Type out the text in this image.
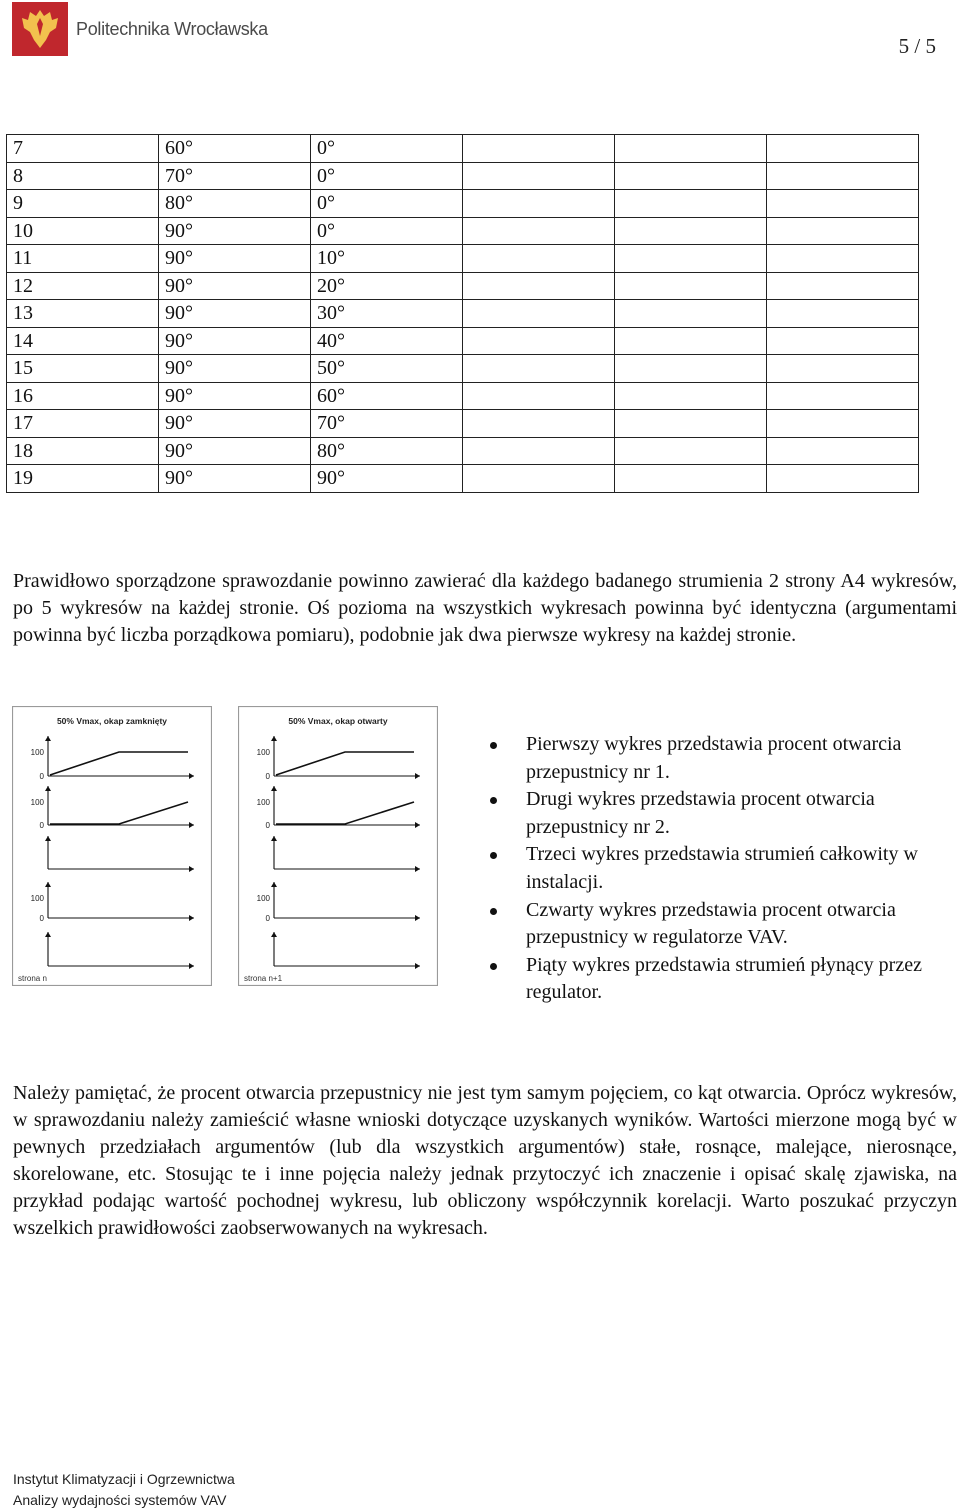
Politechnika Wrocławska
5 / 5
7	60°	0°			
8	70°	0°			
9	80°	0°			
10	90°	0°			
11	90°	10°			
12	90°	20°			
13	90°	30°			
14	90°	40°			
15	90°	50°			
16	90°	60°			
17	90°	70°			
18	90°	80°			
19	90°	90°			

Prawidłowo sporządzone sprawozdanie powinno zawierać dla każdego badanego strumienia 2 strony A4 wykresów, po 5 wykresów na każdej stronie. Oś pozioma na wszystkich wykresach powinna być identyczna (argumentami powinna być liczba porządkowa pomiaru), podobnie jak dwa pierwsze wykresy na każdej stronie.

50% Vmax, okap zamknięty
100
0
100
0
100
0
strona n
50% Vmax, okap otwarty
100
0
100
0
100
0
strona n+1
Pierwszy wykres przedstawia procent otwarcia przepustnicy nr 1.
Drugi wykres przedstawia procent otwarcia przepustnicy nr 2.
Trzeci wykres przedstawia strumień całkowity w instalacji.
Czwarty wykres przedstawia procent otwarcia przepustnicy w regulatorze VAV.
Piąty wykres przedstawia strumień płynący przez regulator.

Należy pamiętać, że procent otwarcia przepustnicy nie jest tym samym pojęciem, co kąt otwarcia. Oprócz wykresów, w sprawozdaniu należy zamieścić własne wnioski dotyczące uzyskanych wyników. Wartości mierzone mogą być w pewnych przedziałach argumentów (lub dla wszystkich argumentów) stałe, rosnące, malejące, nierosnące, skorelowane, etc. Stosując te i inne pojęcia należy jednak przytoczyć ich znaczenie i opisać skalę zjawiska, na przykład podając wartość pochodnej wykresu, lub obliczony współczynnik korelacji. Warto poszukać przyczyn wszelkich prawidłowości zaobserwowanych na wykresach.

Instytut Klimatyzacji i Ogrzewnictwa
Analizy wydajności systemów VAV
